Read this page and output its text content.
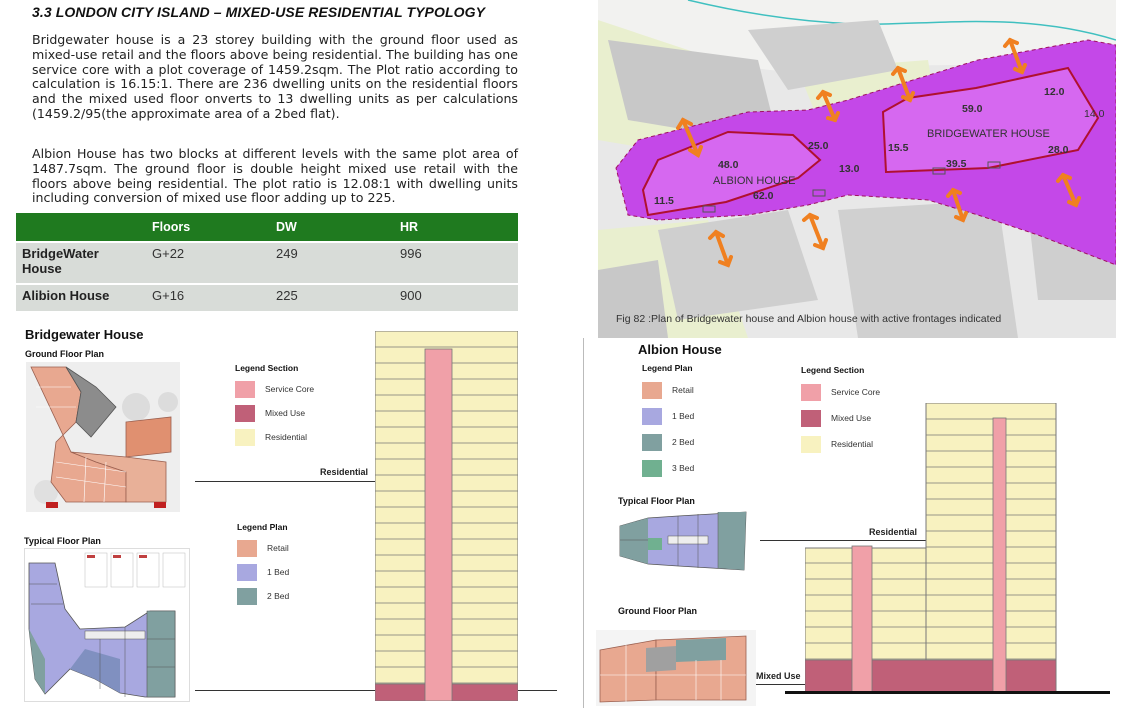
3.3 LONDON CITY ISLAND – MIXED-USE RESIDENTIAL TYPOLOGY
Bridgewater house is a 23 storey building with the ground floor used as mixed-use retail and the floors above being residential. The building has one service core with a plot coverage of 1459.2sqm. The Plot ratio according to calculation is 16.15:1. There are 236 dwelling units on the residential floors and the mixed used floor onverts to 13 dwelling units as per calculations (1459.2/95(the approximate area of a 2bed flat).
Albion House has two blocks at different levels with the same plot area of 1487.7sqm. The ground floor is double height mixed use retail with the floors above being residential. The plot ratio is 12.08:1 with dwelling units including conversion of mixed use floor adding up to 225.
	Floors	DW	HR
BridgeWater House	G+22	249	996
Alibion House	G+16	225	900
12.0
59.0	14.0
15.5	28.0
39.5
25.0
48.0	13.0
11.5	62.0
BRIDGEWATER HOUSE
ALBION HOUSE
Fig 82 :Plan of Bridgewater house and Albion house with active frontages indicated
Bridgewater House
Ground Floor Plan
Typical Floor Plan
Legend Section
Service Core
Mixed Use
Residential
Legend Plan
Retail
1 Bed
2 Bed
Residential
Albion House
Legend Plan
Retail
1 Bed
2 Bed
3 Bed
Legend Section
Service Core
Mixed Use
Residential
Typical Floor Plan
Ground Floor Plan
Residential
Mixed Use
